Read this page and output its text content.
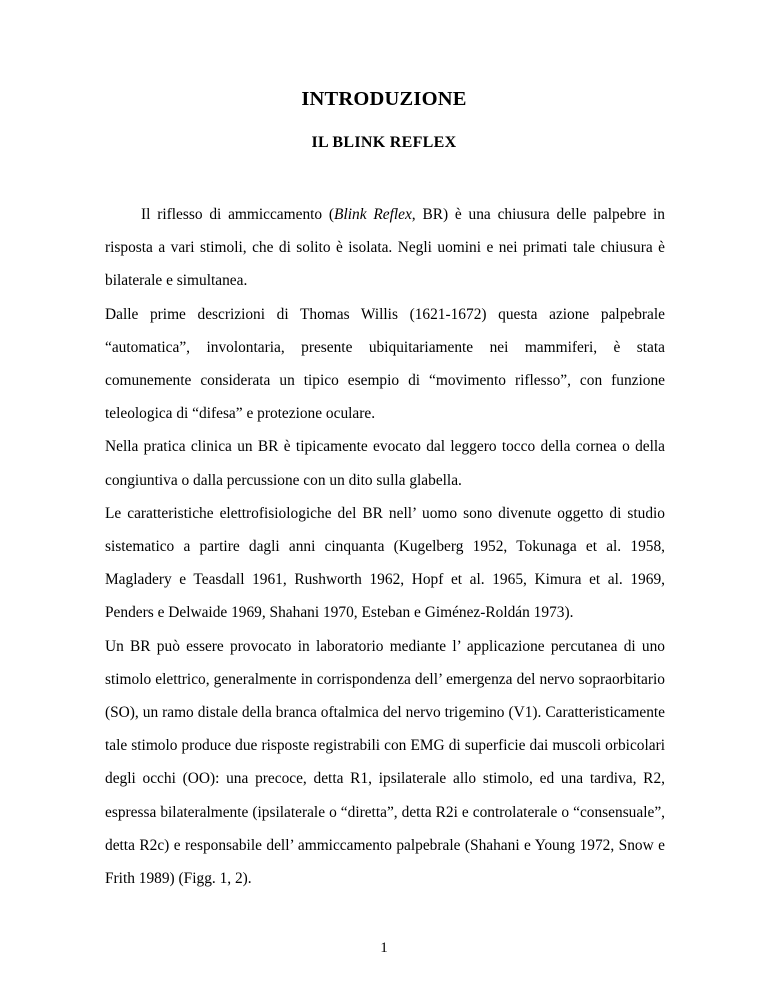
INTRODUZIONE
IL BLINK REFLEX

Il riflesso di ammiccamento (Blink Reflex, BR) è una chiusura delle palpebre in risposta a vari stimoli, che di solito è isolata. Negli uomini e nei primati tale chiusura è bilaterale e simultanea.

Dalle prime descrizioni di Thomas Willis (1621-1672) questa azione palpebrale “automatica”, involontaria, presente ubiquitariamente nei mammiferi, è stata comunemente considerata un tipico esempio di “movimento riflesso”, con funzione teleologica di “difesa” e protezione oculare.

Nella pratica clinica un BR è tipicamente evocato dal leggero tocco della cornea o della congiuntiva o dalla percussione con un dito sulla glabella.

Le caratteristiche elettrofisiologiche del BR nell’ uomo sono divenute oggetto di studio sistematico a partire dagli anni cinquanta (Kugelberg 1952, Tokunaga et al. 1958, Magladery e Teasdall 1961, Rushworth 1962, Hopf et al. 1965, Kimura et al. 1969, Penders e Delwaide 1969, Shahani 1970, Esteban e Giménez-Roldán 1973).

Un BR può essere provocato in laboratorio mediante l’ applicazione percutanea di uno stimolo elettrico, generalmente in corrispondenza dell’ emergenza del nervo sopraorbitario (SO), un ramo distale della branca oftalmica del nervo trigemino (V1). Caratteristicamente tale stimolo produce due risposte registrabili con EMG di superficie dai muscoli orbicolari degli occhi (OO): una precoce, detta R1, ipsilaterale allo stimolo, ed una tardiva, R2, espressa bilateralmente (ipsilaterale o “diretta”, detta R2i e controlaterale o “consensuale”, detta R2c) e responsabile dell’ ammiccamento palpebrale (Shahani e Young 1972, Snow e Frith 1989) (Figg. 1, 2).

1
